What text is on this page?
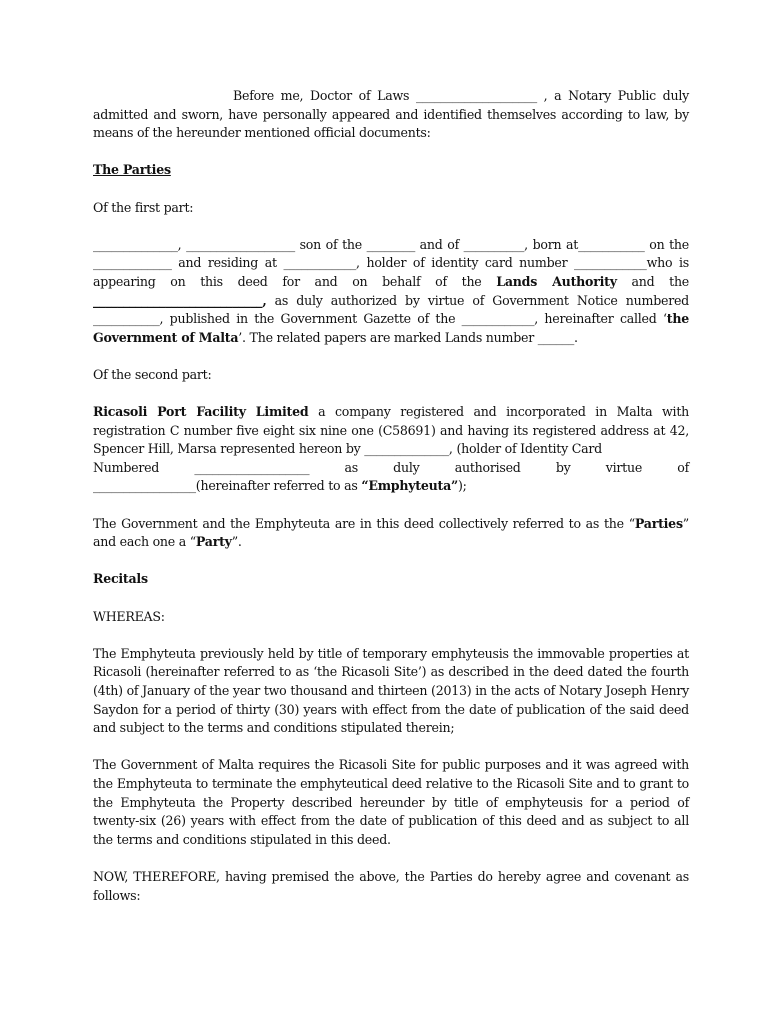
Before me, Doctor of Laws ____________________ , a Notary Public duly admitted and sworn, have personally appeared and identified themselves according to law, by means of the hereunder mentioned official documents:

The Parties

Of the first part:

______________, __________________ son of the ________ and of __________, born at___________ on the _____________ and residing at ____________, holder of identity card number ____________who is appearing on this deed for and on behalf of the Lands Authority and the ____________________________, as duly authorized by virtue of Government Notice numbered ___________, published in the Government Gazette of the ____________, hereinafter called ‘the Government of Malta’. The related papers are marked Lands number ______.

Of the second part:

Ricasoli Port Facility Limited a company registered and incorporated in Malta with registration C number five eight six nine one (C58691) and having its registered address at 42, Spencer Hill, Marsa represented hereon by ______________, (holder of Identity Card

Numbered ___________________ as duly authorised by virtue of

_________________(hereinafter referred to as “Emphyteuta”);

The Government and the Emphyteuta are in this deed collectively referred to as the “Parties” and each one a “Party”.

Recitals

WHEREAS:

The Emphyteuta previously held by title of temporary emphyteusis the immovable properties at Ricasoli (hereinafter referred to as ‘the Ricasoli Site’) as described in the deed dated the fourth (4th) of January of the year two thousand and thirteen (2013) in the acts of Notary Joseph Henry Saydon for a period of thirty (30) years with effect from the date of publication of the said deed and subject to the terms and conditions stipulated therein;

The Government of Malta requires the Ricasoli Site for public purposes and it was agreed with the Emphyteuta to terminate the emphyteutical deed relative to the Ricasoli Site and to grant to the Emphyteuta the Property described hereunder by title of emphyteusis for a period of twenty-six (26) years with effect from the date of publication of this deed and as subject to all the terms and conditions stipulated in this deed.

NOW, THEREFORE, having premised the above, the Parties do hereby agree and covenant as follows:
